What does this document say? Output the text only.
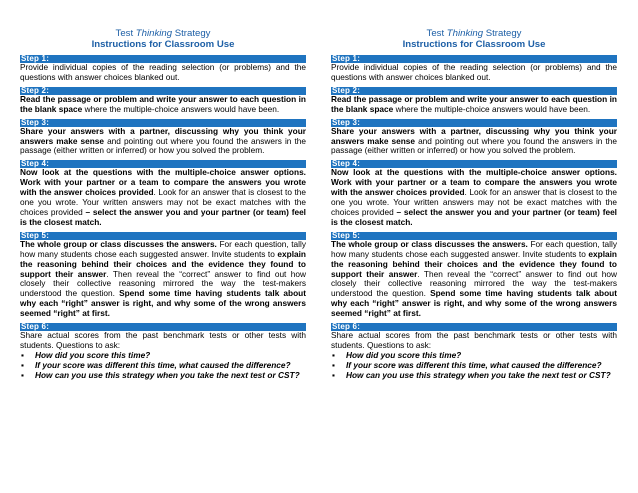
Test Thinking Strategy
Instructions for Classroom Use
Step 1:
Provide individual copies of the reading selection (or problems) and the questions with answer choices blanked out.
Step 2:
Read the passage or problem and write your answer to each question in the blank space where the multiple-choice answers would have been.
Step 3:
Share your answers with a partner, discussing why you think your answers make sense and pointing out where you found the answers in the passage (either written or inferred) or how you solved the problem.
Step 4:
Now look at the questions with the multiple-choice answer options. Work with your partner or a team to compare the answers you wrote with the answer choices provided. Look for an answer that is closest to the one you wrote. Your written answers may not be exact matches with the choices provided – select the answer you and your partner (or team) feel is the closest match.
Step 5:
The whole group or class discusses the answers. For each question, tally how many students chose each suggested answer. Invite students to explain the reasoning behind their choices and the evidence they found to support their answer. Then reveal the “correct” answer to find out how closely their collective reasoning mirrored the way the test-makers understood the question. Spend some time having students talk about why each “right” answer is right, and why some of the wrong answers seemed “right” at first.
Step 6:
Share actual scores from the past benchmark tests or other tests with students. Questions to ask:
▪ How did you score this time?
▪ If your score was different this time, what caused the difference?
▪ How can you use this strategy when you take the next test or CST?
Test Thinking Strategy
Instructions for Classroom Use
Step 1:
Provide individual copies of the reading selection (or problems) and the questions with answer choices blanked out.
Step 2:
Read the passage or problem and write your answer to each question in the blank space where the multiple-choice answers would have been.
Step 3:
Share your answers with a partner, discussing why you think your answers make sense and pointing out where you found the answers in the passage (either written or inferred) or how you solved the problem.
Step 4:
Now look at the questions with the multiple-choice answer options. Work with your partner or a team to compare the answers you wrote with the answer choices provided. Look for an answer that is closest to the one you wrote. Your written answers may not be exact matches with the choices provided – select the answer you and your partner (or team) feel is the closest match.
Step 5:
The whole group or class discusses the answers. For each question, tally how many students chose each suggested answer. Invite students to explain the reasoning behind their choices and the evidence they found to support their answer. Then reveal the “correct” answer to find out how closely their collective reasoning mirrored the way the test-makers understood the question. Spend some time having students talk about why each “right” answer is right, and why some of the wrong answers seemed “right” at first.
Step 6:
Share actual scores from the past benchmark tests or other tests with students. Questions to ask:
▪ How did you score this time?
▪ If your score was different this time, what caused the difference?
▪ How can you use this strategy when you take the next test or CST?
